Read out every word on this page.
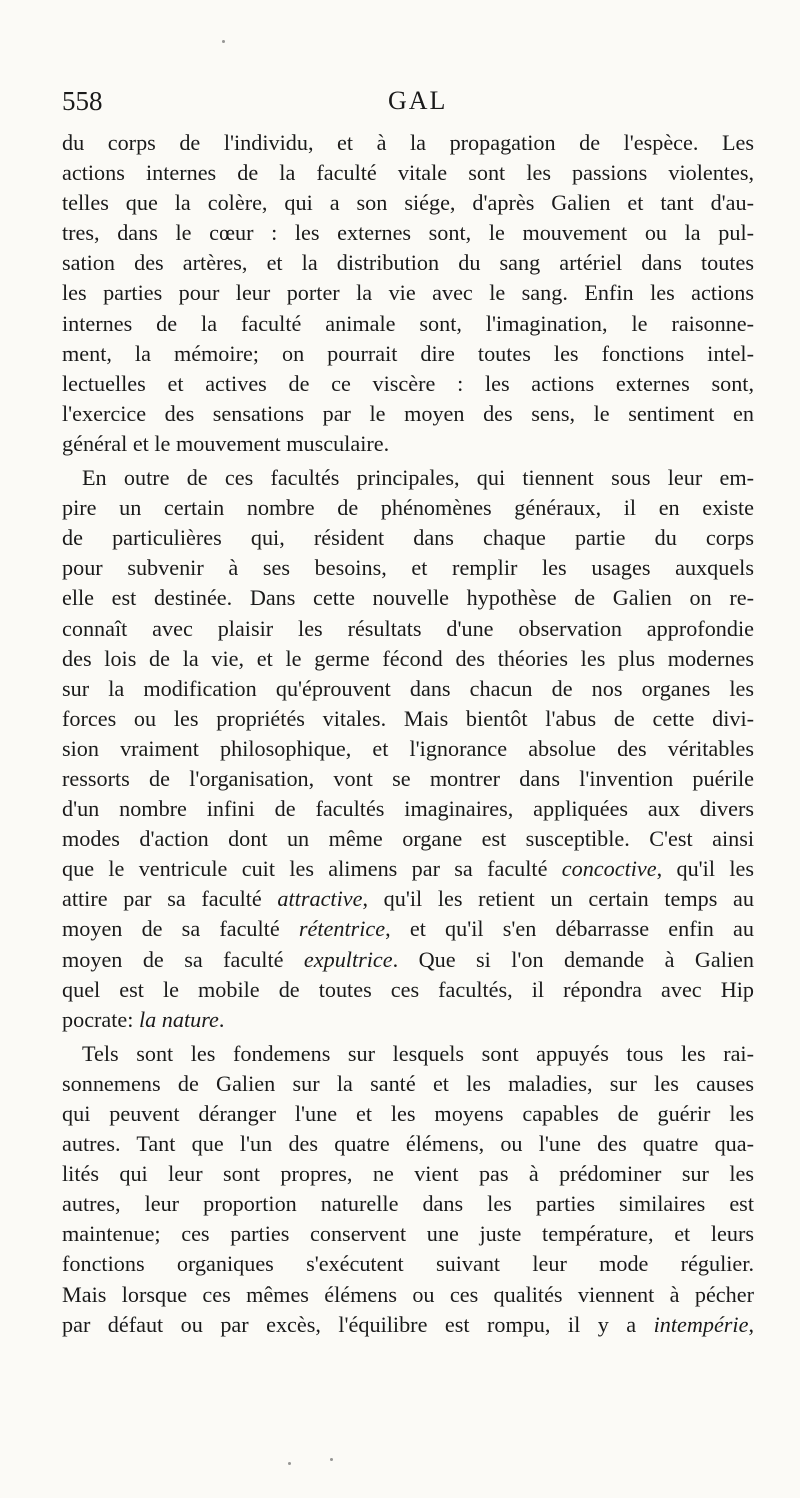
558	GAL
du corps de l'individu, et à la propagation de l'espèce. Les
actions internes de la faculté vitale sont les passions violentes,
telles que la colère, qui a son siége, d'après Galien et tant d'au-
tres, dans le cœur : les externes sont, le mouvement ou la pul-
sation des artères, et la distribution du sang artériel dans toutes
les parties pour leur porter la vie avec le sang. Enfin les actions
internes de la faculté animale sont, l'imagination, le raisonne-
ment, la mémoire; on pourrait dire toutes les fonctions intel-
lectuelles et actives de ce viscère : les actions externes sont,
l'exercice des sensations par le moyen des sens, le sentiment en
général et le mouvement musculaire.
En outre de ces facultés principales, qui tiennent sous leur em-
pire un certain nombre de phénomènes généraux, il en existe
de particulières qui, résident dans chaque partie du corps
pour subvenir à ses besoins, et remplir les usages auxquels
elle est destinée. Dans cette nouvelle hypothèse de Galien on re-
connaît avec plaisir les résultats d'une observation approfondie
des lois de la vie, et le germe fécond des théories les plus modernes
sur la modification qu'éprouvent dans chacun de nos organes les
forces ou les propriétés vitales. Mais bientôt l'abus de cette divi-
sion vraiment philosophique, et l'ignorance absolue des véritables
ressorts de l'organisation, vont se montrer dans l'invention puérile
d'un nombre infini de facultés imaginaires, appliquées aux divers
modes d'action dont un même organe est susceptible. C'est ainsi
que le ventricule cuit les alimens par sa faculté concoctive, qu'il les
attire par sa faculté attractive, qu'il les retient un certain temps au
moyen de sa faculté rétentrice, et qu'il s'en débarrasse enfin au
moyen de sa faculté expultrice. Que si l'on demande à Galien
quel est le mobile de toutes ces facultés, il répondra avec Hip
pocrate: la nature.
Tels sont les fondemens sur lesquels sont appuyés tous les rai-
sonnemens de Galien sur la santé et les maladies, sur les causes
qui peuvent déranger l'une et les moyens capables de guérir les
autres. Tant que l'un des quatre élémens, ou l'une des quatre qua-
lités qui leur sont propres, ne vient pas à prédominer sur les
autres, leur proportion naturelle dans les parties similaires est
maintenue; ces parties conservent une juste température, et leurs
fonctions organiques s'exécutent suivant leur mode régulier.
Mais lorsque ces mêmes élémens ou ces qualités viennent à pécher
par défaut ou par excès, l'équilibre est rompu, il y a intempérie,
